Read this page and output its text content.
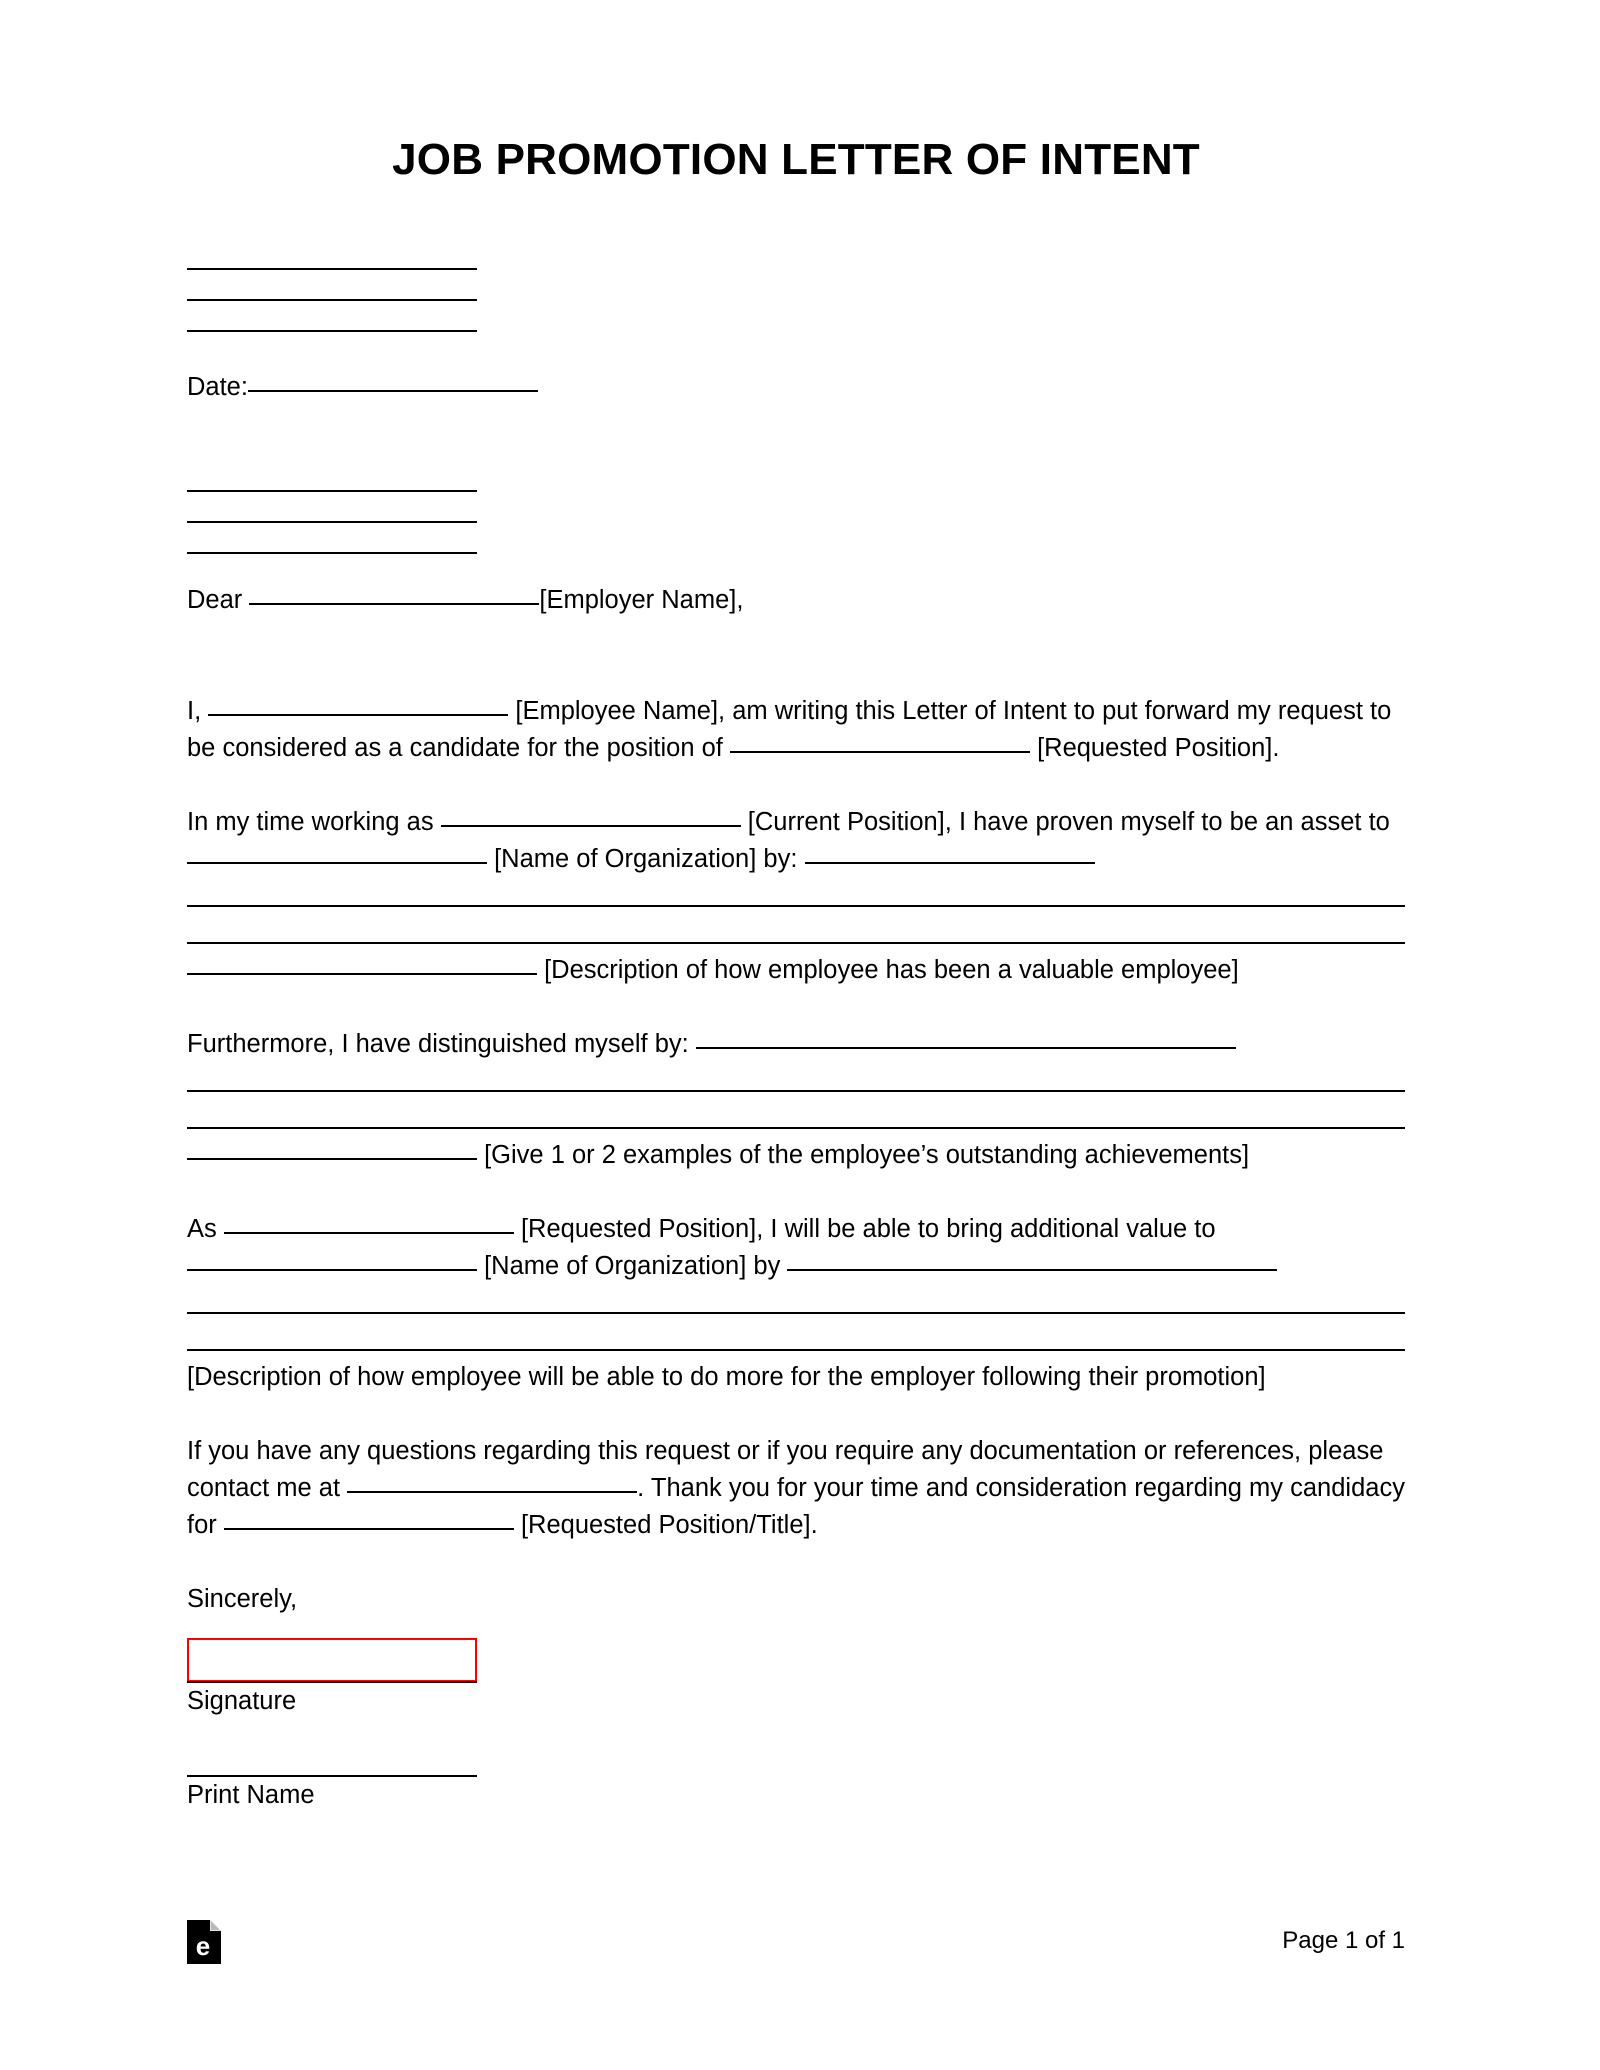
JOB PROMOTION LETTER OF INTENT
Date:
Dear	[Employer Name],
I,	[Employee Name], am writing this Letter of Intent to put forward my request to be considered as a candidate for the position of	[Requested Position].
In my time working as	[Current Position], I have proven myself to be an asset to  [Name of Organization] by:
[Description of how employee has been a valuable employee]
Furthermore, I have distinguished myself by:
[Give 1 or 2 examples of the employee’s outstanding achievements]
As	[Requested Position], I will be able to bring additional value to  [Name of Organization] by
[Description of how employee will be able to do more for the employer following their promotion]
If you have any questions regarding this request or if you require any documentation or references, please contact me at	. Thank you for your time and consideration regarding my candidacy for	[Requested Position/Title].
Sincerely,
Signature
Print Name
e	Page 1 of 1
